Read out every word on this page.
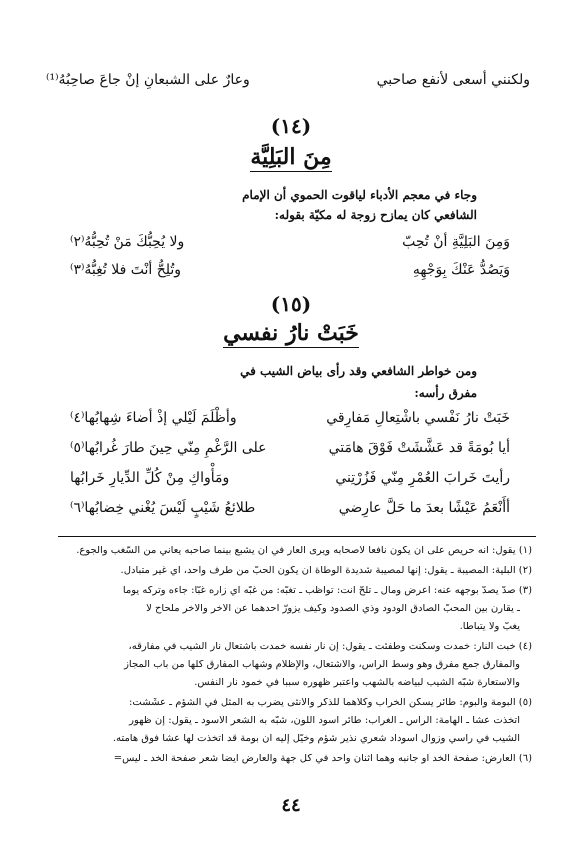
ولكنني أسعى لأنفع صاحبي
وعارٌ على الشبعانِ إنْ جاعَ صاحِبُهُ⁽¹⁾
(١٤)
مِنَ البَلِيَّة
وجاء في معجم الأدباء لياقوت الحموي أن الإمام
الشافعي كان يمازح زوجة له مكيّة بقوله:
وَمِنَ البَلِيَّةِ أنْ تُحِبّ
ولا يُحِبُّكَ مَنْ تُحِبُّهُ⁽٢⁾
وَيَصُدُّ عَنْكَ بِوَجْهِهِ
وتُلِحُّ أنْتَ فلا تُغِبُّهُ⁽٣⁾
(١٥)
خَبَتْ نارُ نفسي
ومن خواطر الشافعي وقد رأى بياض الشيب في
مفرق رأسه:
خَبَتْ نارُ نَفْسي باشْتِعالِ مَفارِقي
وأظْلَمَ لَيْلي إذْ أضاءَ شِهابُها⁽٤⁾
أيا بُومَةً قد عَشَّشَتْ فَوْقَ هامَتي
على الرَّغْمِ مِنّي حِينَ طارَ غُرابُها⁽٥⁾
رأيتَ خَرابَ العُمْرِ مِنّي فَزُرْتِني
ومَأْواكِ مِنْ كُلِّ الدِّيارِ خَرابُها
أأَنْعَمُ عَيْشًا بعدَ ما حَلَّ عارِضي
طلائعُ شَيْبٍ لَيْسَ يُغْني خِضابُها⁽٦⁾
(١) يقول: أنه حريص على أن يكون نافعاً لأصحابه ويرى العار في أن يشبع بينما صاحبه يعاني من السّغب والجوع.
(٢) البلية: المصيبة ـ يقول: إنها لمصيبة شديدة الوطأة أن يكون الحبّ من طرف واحد، أي غير متبادل.
(٣) صدّ يصدّ بوجهه عنه: أعرض ومال ـ تلحّ أنت: تواظب ـ تغبّه: من غبّه أي زاره غبّاً: جاءه وتركه يوماً
ـ يقارن بين المحبّ الصادق الودود وذي الصدود وكيف يزورّ أحدهما عن الآخر والآخر ملحاح لا
يغبّ ولا يتباطأ.
(٤) خبت النار: خمدت وسكنت وطفئت ـ يقول: إن نار نفسه خمدت باشتعال نار الشيب في مفارقه،
والمفارق جمع مفرق وهو وسط الرأس، والاشتعال، والإظلام وشهاب المفارق كلها من باب المجاز
والاستعارة شبّه الشيب لبياضه بالشهب واعتبر ظهوره سبباً في خمود نار النفس.
(٥) البومة والبوم: طائر يسكن الخراب وكلاهما للذكر والأنثى يضرب به المثل في الشؤم ـ عشّشت:
اتخذت عشاً ـ الهامة: الرأس ـ الغراب: طائر أسود اللون، شبّه به الشعر الأسود ـ يقول: إن ظهور
الشيب في رأسي وزوال أسوداد شعري نذير شؤم وخيّل إليه أن بومة قد اتخذت لها عشاً فوق هامته.
(٦) العارض: صفحة الخد أو جانبه وهما اثنان واحد في كل جهة والعارض أيضاً شعر صفحة الخد ـ ليس=
٤٤
